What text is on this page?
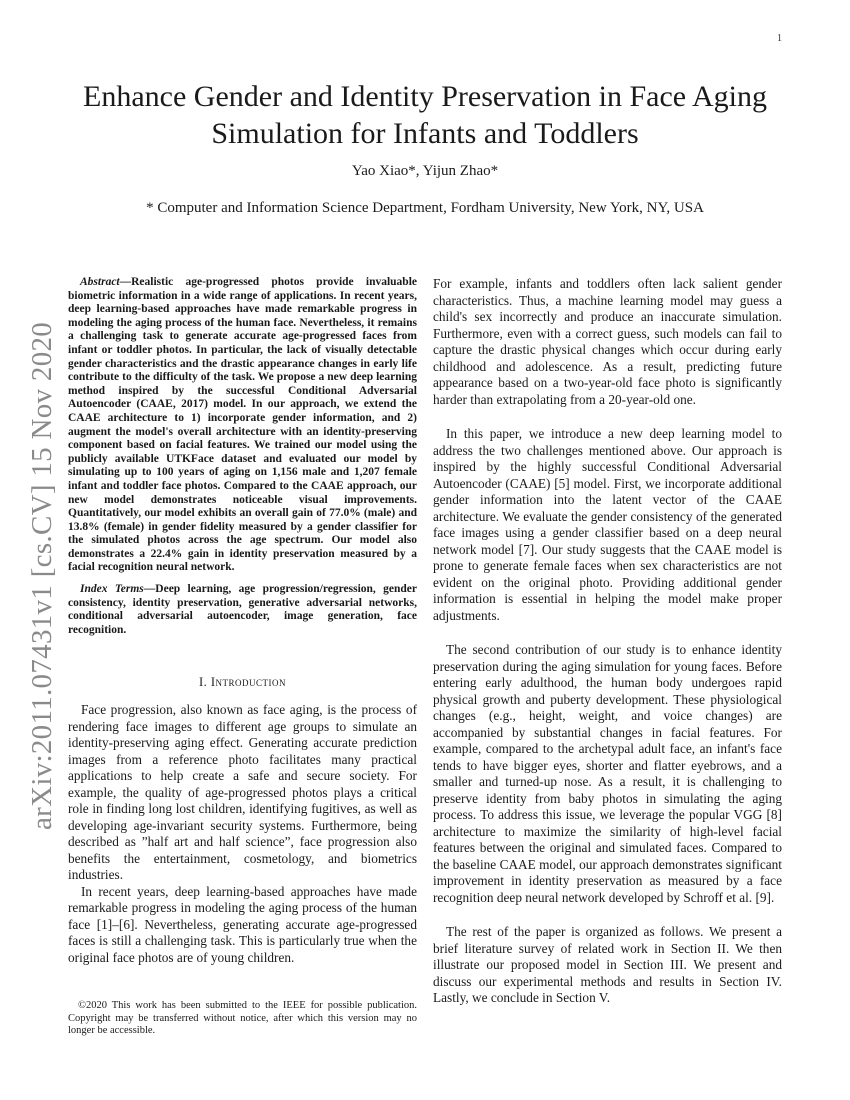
1
Enhance Gender and Identity Preservation in Face Aging Simulation for Infants and Toddlers
Yao Xiao*, Yijun Zhao*
* Computer and Information Science Department, Fordham University, New York, NY, USA
arXiv:2011.07431v1 [cs.CV] 15 Nov 2020

Abstract—Realistic age-progressed photos provide invaluable biometric information in a wide range of applications. In recent years, deep learning-based approaches have made remarkable progress in modeling the aging process of the human face. Nevertheless, it remains a challenging task to generate accurate age-progressed faces from infant or toddler photos. In particular, the lack of visually detectable gender characteristics and the drastic appearance changes in early life contribute to the difficulty of the task. We propose a new deep learning method inspired by the successful Conditional Adversarial Autoencoder (CAAE, 2017) model. In our approach, we extend the CAAE architecture to 1) incorporate gender information, and 2) augment the model's overall architecture with an identity-preserving component based on facial features. We trained our model using the publicly available UTKFace dataset and evaluated our model by simulating up to 100 years of aging on 1,156 male and 1,207 female infant and toddler face photos. Compared to the CAAE approach, our new model demonstrates noticeable visual improvements. Quantitatively, our model exhibits an overall gain of 77.0% (male) and 13.8% (female) in gender fidelity measured by a gender classifier for the simulated photos across the age spectrum. Our model also demonstrates a 22.4% gain in identity preservation measured by a facial recognition neural network.

Index Terms—Deep learning, age progression/regression, gender consistency, identity preservation, generative adversarial networks, conditional adversarial autoencoder, image generation, face recognition.

I. Introduction

Face progression, also known as face aging, is the process of rendering face images to different age groups to simulate an identity-preserving aging effect. Generating accurate prediction images from a reference photo facilitates many practical applications to help create a safe and secure society. For example, the quality of age-progressed photos plays a critical role in finding long lost children, identifying fugitives, as well as developing age-invariant security systems. Furthermore, being described as ”half art and half science”, face progression also benefits the entertainment, cosmetology, and biometrics industries.

In recent years, deep learning-based approaches have made remarkable progress in modeling the aging process of the human face [1]–[6]. Nevertheless, generating accurate age-progressed faces is still a challenging task. This is particularly true when the original face photos are of young children.

For example, infants and toddlers often lack salient gender characteristics. Thus, a machine learning model may guess a child's sex incorrectly and produce an inaccurate simulation. Furthermore, even with a correct guess, such models can fail to capture the drastic physical changes which occur during early childhood and adolescence. As a result, predicting future appearance based on a two-year-old face photo is significantly harder than extrapolating from a 20-year-old one.

In this paper, we introduce a new deep learning model to address the two challenges mentioned above. Our approach is inspired by the highly successful Conditional Adversarial Autoencoder (CAAE) [5] model. First, we incorporate additional gender information into the latent vector of the CAAE architecture. We evaluate the gender consistency of the generated face images using a gender classifier based on a deep neural network model [7]. Our study suggests that the CAAE model is prone to generate female faces when sex characteristics are not evident on the original photo. Providing additional gender information is essential in helping the model make proper adjustments.

The second contribution of our study is to enhance identity preservation during the aging simulation for young faces. Before entering early adulthood, the human body undergoes rapid physical growth and puberty development. These physiological changes (e.g., height, weight, and voice changes) are accompanied by substantial changes in facial features. For example, compared to the archetypal adult face, an infant's face tends to have bigger eyes, shorter and flatter eyebrows, and a smaller and turned-up nose. As a result, it is challenging to preserve identity from baby photos in simulating the aging process. To address this issue, we leverage the popular VGG [8] architecture to maximize the similarity of high-level facial features between the original and simulated faces. Compared to the baseline CAAE model, our approach demonstrates significant improvement in identity preservation as measured by a face recognition deep neural network developed by Schroff et al. [9].

The rest of the paper is organized as follows. We present a brief literature survey of related work in Section II. We then illustrate our proposed model in Section III. We present and discuss our experimental methods and results in Section IV. Lastly, we conclude in Section V.

©2020 This work has been submitted to the IEEE for possible publication. Copyright may be transferred without notice, after which this version may no longer be accessible.
